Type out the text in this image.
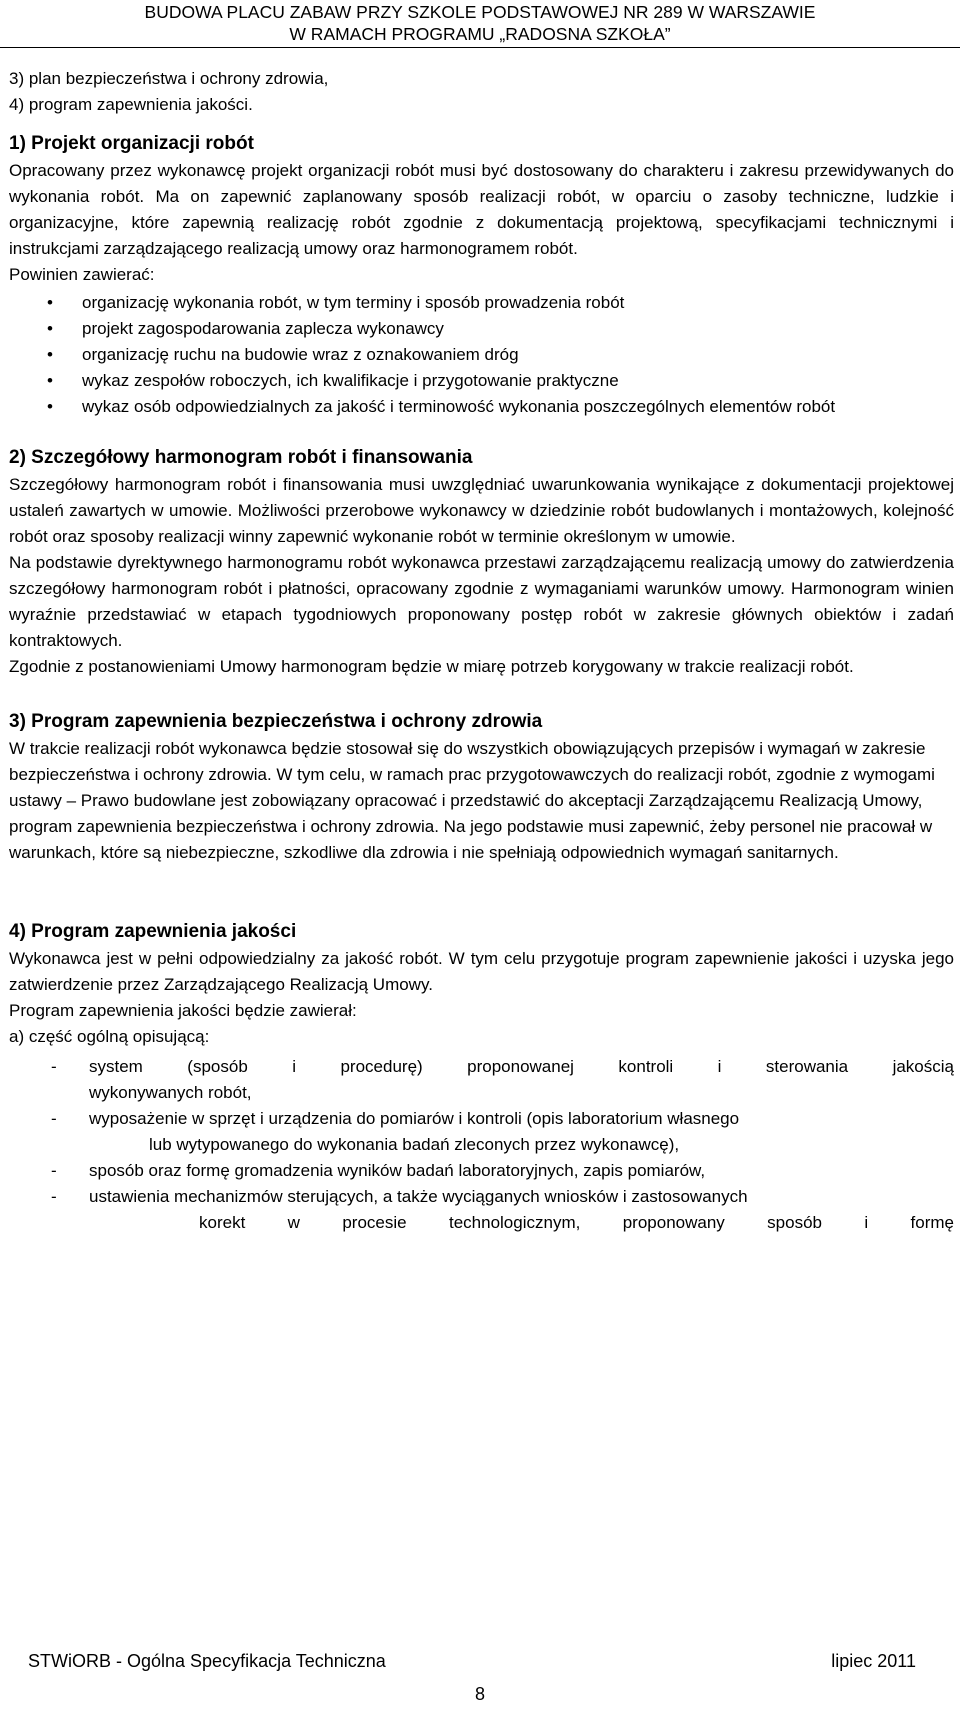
BUDOWA PLACU ZABAW PRZY SZKOLE PODSTAWOWEJ NR 289 W WARSZAWIE
W RAMACH PROGRAMU „RADOSNA SZKOŁA”

3) plan bezpieczeństwa i ochrony zdrowia,

4) program zapewnienia jakości.

1) Projekt organizacji robót

Opracowany przez wykonawcę projekt organizacji robót musi być dostosowany do charakteru i zakresu przewidywanych do wykonania robót. Ma on zapewnić zaplanowany sposób realizacji robót, w oparciu o zasoby techniczne, ludzkie i organizacyjne, które zapewnią realizację robót zgodnie z dokumentacją projektową, specyfikacjami technicznymi i instrukcjami zarządzającego realizacją umowy oraz harmonogramem robót.

Powinien zawierać:

• organizację wykonania robót, w tym terminy i sposób prowadzenia robót
• projekt zagospodarowania zaplecza wykonawcy
• organizację ruchu na budowie wraz z oznakowaniem dróg
• wykaz zespołów roboczych, ich kwalifikacje i przygotowanie praktyczne
• wykaz osób odpowiedzialnych za jakość i terminowość wykonania poszczególnych elementów robót
2) Szczegółowy harmonogram robót i finansowania

Szczegółowy harmonogram robót i finansowania musi uwzględniać uwarunkowania wynikające z dokumentacji projektowej ustaleń zawartych w umowie. Możliwości przerobowe wykonawcy w dziedzinie robót budowlanych i montażowych, kolejność robót oraz sposoby realizacji winny zapewnić wykonanie robót w terminie określonym w umowie.

Na podstawie dyrektywnego harmonogramu robót wykonawca przestawi zarządzającemu realizacją umowy do zatwierdzenia szczegółowy harmonogram robót i płatności, opracowany zgodnie z wymaganiami warunków umowy. Harmonogram winien wyraźnie przedstawiać w etapach tygodniowych proponowany postęp robót w zakresie głównych obiektów i zadań kontraktowych.

Zgodnie z postanowieniami Umowy harmonogram będzie w miarę potrzeb korygowany w trakcie realizacji robót.

3) Program zapewnienia bezpieczeństwa i ochrony zdrowia

W trakcie realizacji robót wykonawca będzie stosował się do wszystkich obowiązujących przepisów i wymagań w zakresie bezpieczeństwa i ochrony zdrowia. W tym celu, w ramach prac przygotowawczych do realizacji robót, zgodnie z wymogami ustawy – Prawo budowlane jest zobowiązany opracować i przedstawić do akceptacji Zarządzającemu Realizacją Umowy, program zapewnienia bezpieczeństwa i ochrony zdrowia. Na jego podstawie musi zapewnić, żeby personel nie pracował w warunkach, które są niebezpieczne, szkodliwe dla zdrowia i nie spełniają odpowiednich wymagań sanitarnych.

4) Program zapewnienia jakości

Wykonawca jest w pełni odpowiedzialny za jakość robót. W tym celu przygotuje program zapewnienie jakości i uzyska jego zatwierdzenie przez Zarządzającego Realizacją Umowy.

Program zapewnienia jakości będzie zawierał:

a) część ogólną opisującą:

- system (sposób i procedurę) proponowanej kontroli i sterowania jakością
wykonywanych robót,
- wyposażenie w sprzęt i urządzenia do pomiarów i kontroli (opis laboratorium własnego
lub wytypowanego do wykonania badań zleconych przez wykonawcę),
- sposób oraz formę gromadzenia wyników badań laboratoryjnych, zapis pomiarów,
- ustawienia mechanizmów sterujących, a także wyciąganych wniosków i zastosowanych
korekt w procesie technologicznym, proponowany sposób i formę
STWiORB - Ogólna Specyfikacja Techniczna	lipiec 2011
8
